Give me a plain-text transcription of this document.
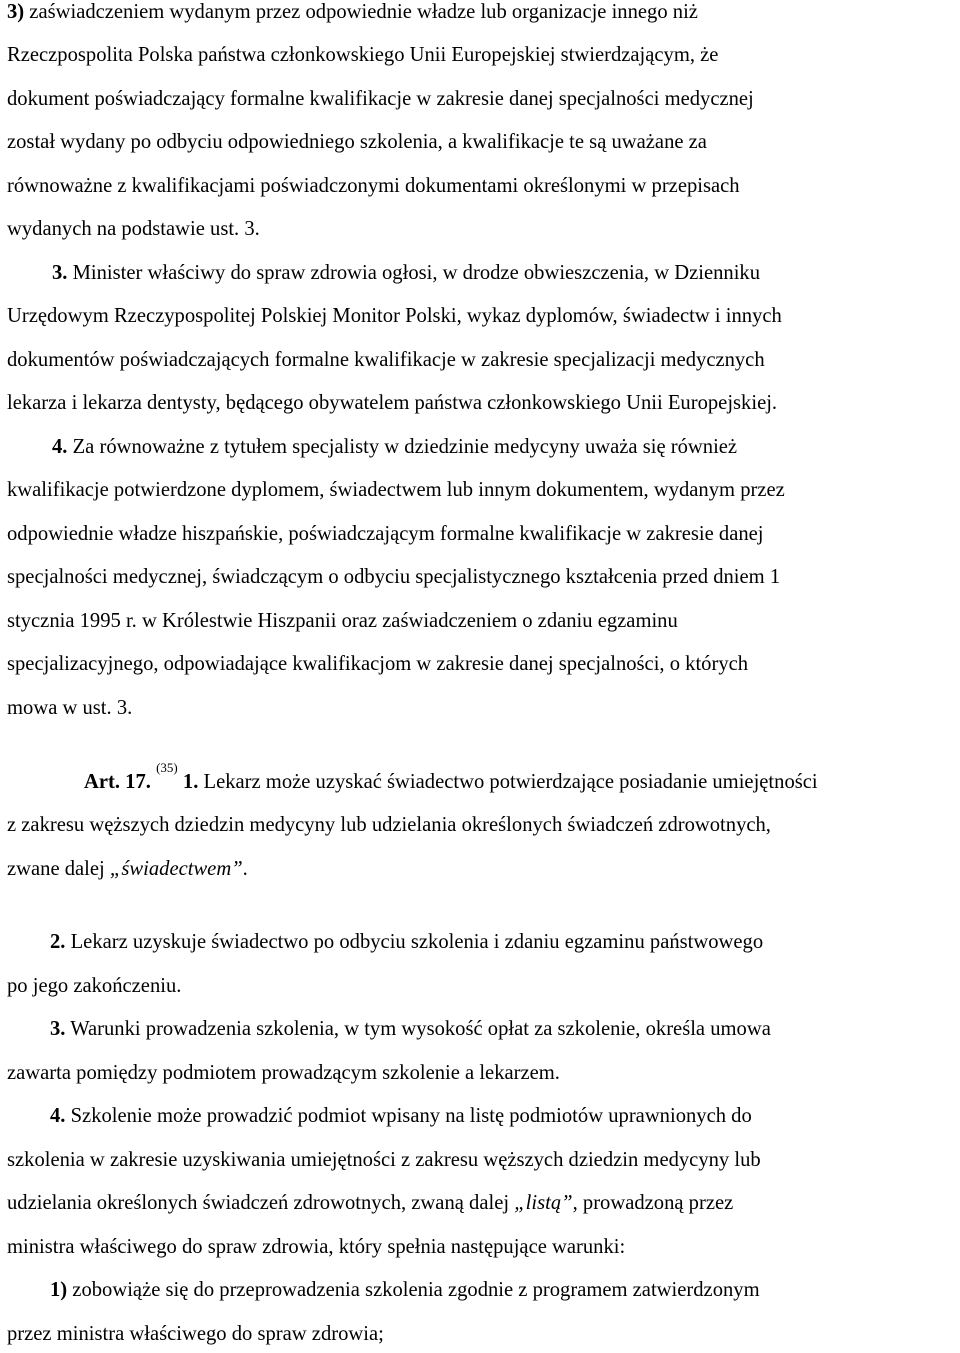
3) zaświadczeniem wydanym przez odpowiednie władze lub organizacje innego niż
Rzeczpospolita Polska państwa członkowskiego Unii Europejskiej stwierdzającym, że
dokument poświadczający formalne kwalifikacje w zakresie danej specjalności medycznej
został wydany po odbyciu odpowiedniego szkolenia, a kwalifikacje te są uważane za
równoważne z kwalifikacjami poświadczonymi dokumentami określonymi w przepisach
wydanych na podstawie ust. 3.
3. Minister właściwy do spraw zdrowia ogłosi, w drodze obwieszczenia, w Dzienniku
Urzędowym Rzeczypospolitej Polskiej Monitor Polski, wykaz dyplomów, świadectw i innych
dokumentów poświadczających formalne kwalifikacje w zakresie specjalizacji medycznych
lekarza i lekarza dentysty, będącego obywatelem państwa członkowskiego Unii Europejskiej.
4. Za równoważne z tytułem specjalisty w dziedzinie medycyny uważa się również
kwalifikacje potwierdzone dyplomem, świadectwem lub innym dokumentem, wydanym przez
odpowiednie władze hiszpańskie, poświadczającym formalne kwalifikacje w zakresie danej
specjalności medycznej, świadczącym o odbyciu specjalistycznego kształcenia przed dniem 1
stycznia 1995 r. w Królestwie Hiszpanii oraz zaświadczeniem o zdaniu egzaminu
specjalizacyjnego, odpowiadające kwalifikacjom w zakresie danej specjalności, o których
mowa w ust. 3.
Art. 17. $^{(35)}$ 1. Lekarz może uzyskać świadectwo potwierdzające posiadanie umiejętności
z zakresu węższych dziedzin medycyny lub udzielania określonych świadczeń zdrowotnych,
zwane dalej „świadectwem”.
2. Lekarz uzyskuje świadectwo po odbyciu szkolenia i zdaniu egzaminu państwowego
po jego zakończeniu.
3. Warunki prowadzenia szkolenia, w tym wysokość opłat za szkolenie, określa umowa
zawarta pomiędzy podmiotem prowadzącym szkolenie a lekarzem.
4. Szkolenie może prowadzić podmiot wpisany na listę podmiotów uprawnionych do
szkolenia w zakresie uzyskiwania umiejętności z zakresu węższych dziedzin medycyny lub
udzielania określonych świadczeń zdrowotnych, zwaną dalej „listą”, prowadzoną przez
ministra właściwego do spraw zdrowia, który spełnia następujące warunki:
1) zobowiąże się do przeprowadzenia szkolenia zgodnie z programem zatwierdzonym
przez ministra właściwego do spraw zdrowia;
